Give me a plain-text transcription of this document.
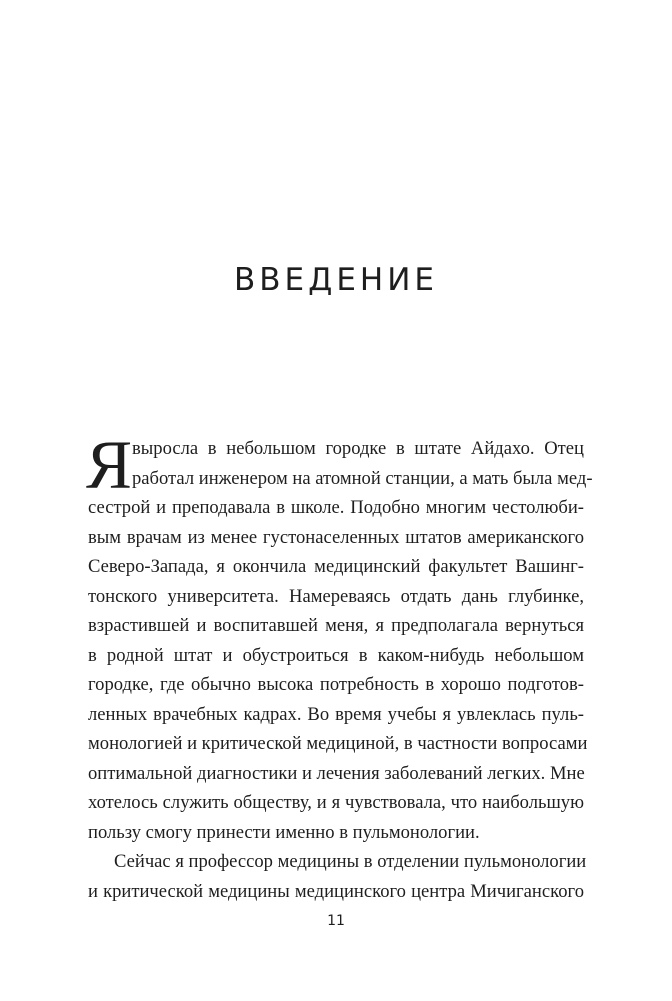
ВВЕДЕНИЕ
Я выросла в небольшом городке в штате Айдахо. Отец
работал инженером на атомной станции, а мать была мед-
сестрой и преподавала в школе. Подобно многим честолюби-
вым врачам из менее густонаселенных штатов американского
Северо-Запада, я окончила медицинский факультет Вашинг-
тонского университета. Намереваясь отдать дань глубинке,
взрастившей и воспитавшей меня, я предполагала вернуться
в родной штат и обустроиться в каком-нибудь небольшом
городке, где обычно высока потребность в хорошо подготов-
ленных врачебных кадрах. Во время учебы я увлеклась пуль-
монологией и критической медициной, в частности вопросами
оптимальной диагностики и лечения заболеваний легких. Мне
хотелось служить обществу, и я чувствовала, что наибольшую
пользу смогу принести именно в пульмонологии.
Сейчас я профессор медицины в отделении пульмонологии
и критической медицины медицинского центра Мичиганского
11
